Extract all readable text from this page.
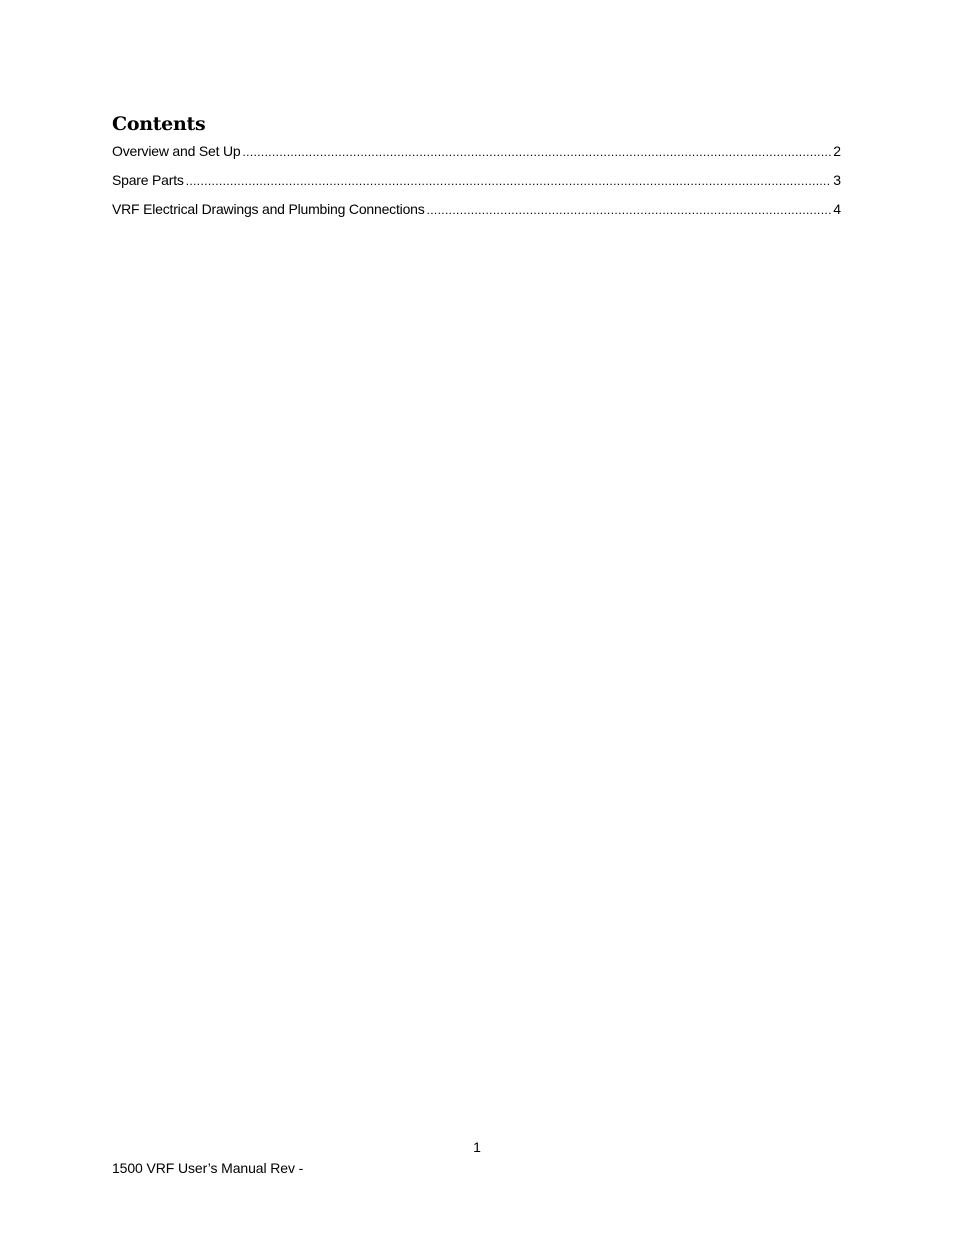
Contents
Overview and Set Up .....	2
Spare Parts .....	3
VRF Electrical Drawings and Plumbing Connections .....	4
1
1500 VRF User’s Manual Rev -
